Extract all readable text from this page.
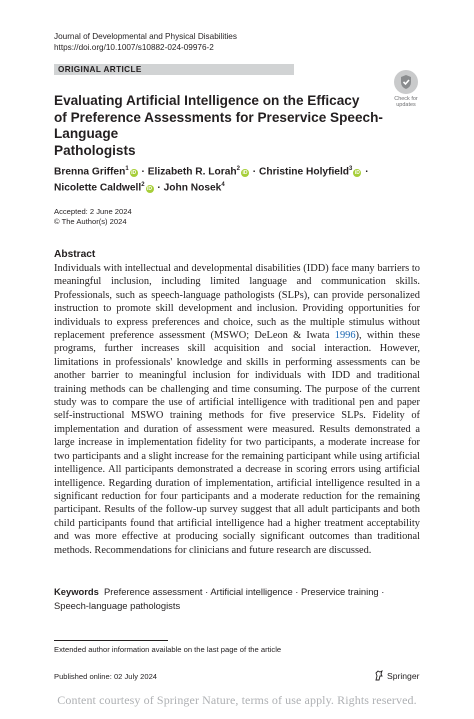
Journal of Developmental and Physical Disabilities
https://doi.org/10.1007/s10882-024-09976-2
ORIGINAL ARTICLE
Check for
updates
Evaluating Artificial Intelligence on the Efficacy
of Preference Assessments for Preservice Speech-Language
Pathologists
Brenna Griffen$^1$iD · Elizabeth R. Lorah$^2$iD · Christine Holyfield$^3$iD ·
Nicolette Caldwell$^2$iD · John Nosek$^4$
Accepted: 2 June 2024
© The Author(s) 2024
Abstract
Individuals with intellectual and developmental disabilities (IDD) face many barriers to meaningful inclusion, including limited language and communication skills. Professionals, such as speech-language pathologists (SLPs), can provide personalized instruction to promote skill development and inclusion. Providing opportunities for individuals to express preferences and choice, such as the multiple stimulus without replacement preference assessment (MSWO; DeLeon & Iwata 1996), within these programs, further increases skill acquisition and social interaction. However, limitations in professionals' knowledge and skills in performing assessments can be another barrier to meaningful inclusion for individuals with IDD and traditional training methods can be challenging and time consuming. The purpose of the current study was to compare the use of artificial intelligence with traditional pen and paper self-instructional MSWO training methods for five preservice SLPs. Fidelity of implementation and duration of assessment were measured. Results demonstrated a large increase in implementation fidelity for two participants, a moderate increase for two participants and a slight increase for the remaining participant while using artificial intelligence. All participants demonstrated a decrease in scoring errors using artificial intelligence. Regarding duration of implementation, artificial intelligence resulted in a significant reduction for four participants and a moderate reduction for the remaining participant. Results of the follow-up survey suggest that all adult participants and both child participants found that artificial intelligence had a higher treatment acceptability and was more effective at producing socially significant outcomes than traditional methods. Recommendations for clinicians and future research are discussed.
Keywords Preference assessment · Artificial intelligence · Preservice training · Speech-language pathologists
Extended author information available on the last page of the article
Published online: 02 July 2024	Springer
Content courtesy of Springer Nature, terms of use apply. Rights reserved.
